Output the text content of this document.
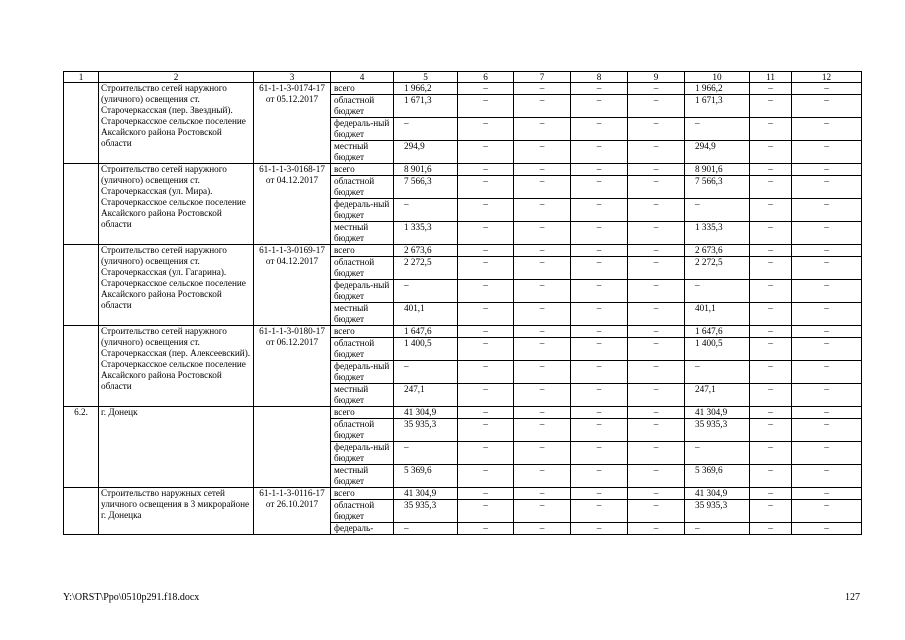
1	2	3	4	5	6	7	8	9	10	11	12
	Строительство сетей наружного (уличного) освещения ст. Старочеркасская (пер. Звездный). Старочеркасское сельское поселение Аксайского района Ростовской области	61-1-1-3-0174-17 от 05.12.2017	всего	1 966,2	–	–	–	–	1 966,2	–	–
			областной бюджет	1 671,3	–	–	–	–	1 671,3	–	–
			федераль-ный бюджет	–	–	–	–	–	–	–	–
			местный бюджет	294,9	–	–	–	–	294,9	–	–
	Строительство сетей наружного (уличного) освещения ст. Старочеркасская (ул. Мира). Старочеркасское сельское поселение Аксайского района Ростовской области	61-1-1-3-0168-17 от 04.12.2017	всего	8 901,6	–	–	–	–	8 901,6	–	–
			областной бюджет	7 566,3	–	–	–	–	7 566,3	–	–
			федераль-ный бюджет	–	–	–	–	–	–	–	–
			местный бюджет	1 335,3	–	–	–	–	1 335,3	–	–
	Строительство сетей наружного (уличного) освещения ст. Старочеркасская (ул. Гагарина). Старочеркасское сельское поселение Аксайского района Ростовской области	61-1-1-3-0169-17 от 04.12.2017	всего	2 673,6	–	–	–	–	2 673,6	–	–
			областной бюджет	2 272,5	–	–	–	–	2 272,5	–	–
			федераль-ный бюджет	–	–	–	–	–	–	–	–
			местный бюджет	401,1	–	–	–	–	401,1	–	–
	Строительство сетей наружного (уличного) освещения ст. Старочеркасская (пер. Алексеевский). Старочеркасское сельское поселение Аксайского района Ростовской области	61-1-1-3-0180-17 от 06.12.2017	всего	1 647,6	–	–	–	–	1 647,6	–	–
			областной бюджет	1 400,5	–	–	–	–	1 400,5	–	–
			федераль-ный бюджет	–	–	–	–	–	–	–	–
			местный бюджет	247,1	–	–	–	–	247,1	–	–
6.2.	г. Донецк		всего	41 304,9	–	–	–	–	41 304,9	–	–
			областной бюджет	35 935,3	–	–	–	–	35 935,3	–	–
			федераль-ный бюджет	–	–	–	–	–	–	–	–
			местный бюджет	5 369,6	–	–	–	–	5 369,6	–	–
	Строительство наружных сетей уличного освещения в 3 микрорайоне г. Донецка	61-1-1-3-0116-17 от 26.10.2017	всего	41 304,9	–	–	–	–	41 304,9	–	–
			областной бюджет	35 935,3	–	–	–	–	35 935,3	–	–
			федераль-	–	–	–	–	–	–	–	–
Y:\ORST\Ppo\0510p291.f18.docx	127
